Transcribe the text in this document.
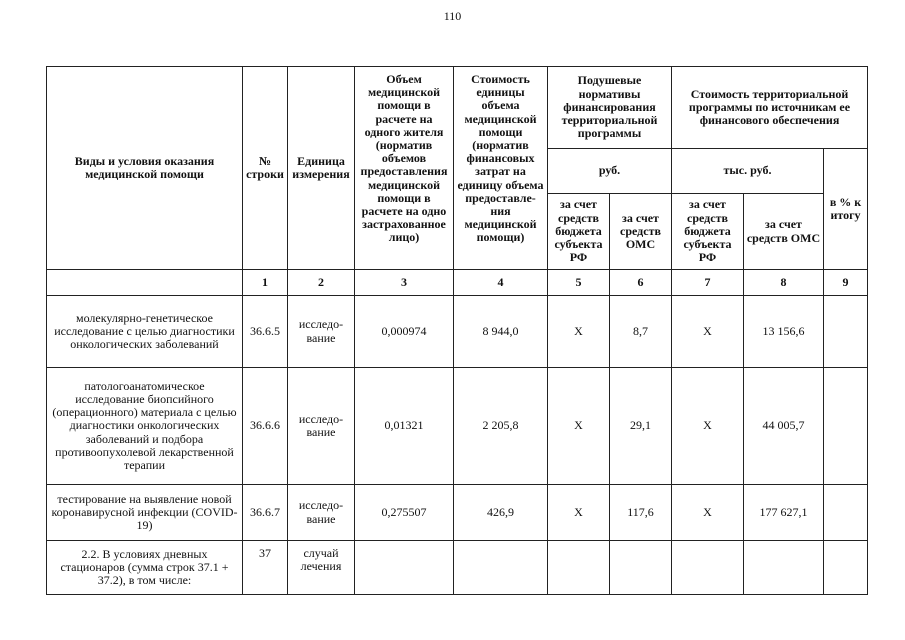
110
Виды и условия оказания медицинской помощи	№ строки	Единица измерения	Объем медицинской помощи в расчете на одного жителя (норматив объемов предоставления медицинской помощи в расчете на одно застрахованное лицо)	Стоимость единицы объема медицинской помощи (норматив финансовых затрат на единицу объема предоставле-ния медицинской помощи)	Подушевые нормативы финансирования территориальной программы		Стоимость территориальной программы по источникам ее финансового обеспечения		
					руб.		тыс. руб.		в % к итогу
					за счет средств бюджета субъекта РФ	за счет средств ОМС	за счет средств бюджета субъекта РФ	за счет средств ОМС	
	1	2	3	4	5	6	7	8	9
молекулярно-генетическое исследование с целью диагностики онкологических заболеваний	36.6.5	исследо-вание	0,000974	8 944,0	Х	8,7	Х	13 156,6	
патологоанатомическое исследование биопсийного (операционного) материала с целью диагностики онкологических заболеваний и подбора противоопухолевой лекарственной терапии	36.6.6	исследо-вание	0,01321	2 205,8	Х	29,1	Х	44 005,7	
тестирование на выявление новой коронавирусной инфекции (COVID-19)	36.6.7	исследо-вание	0,275507	426,9	Х	117,6	Х	177 627,1	
2.2. В условиях дневных стационаров (сумма строк 37.1 + 37.2), в том числе:	37	случай лечения							
